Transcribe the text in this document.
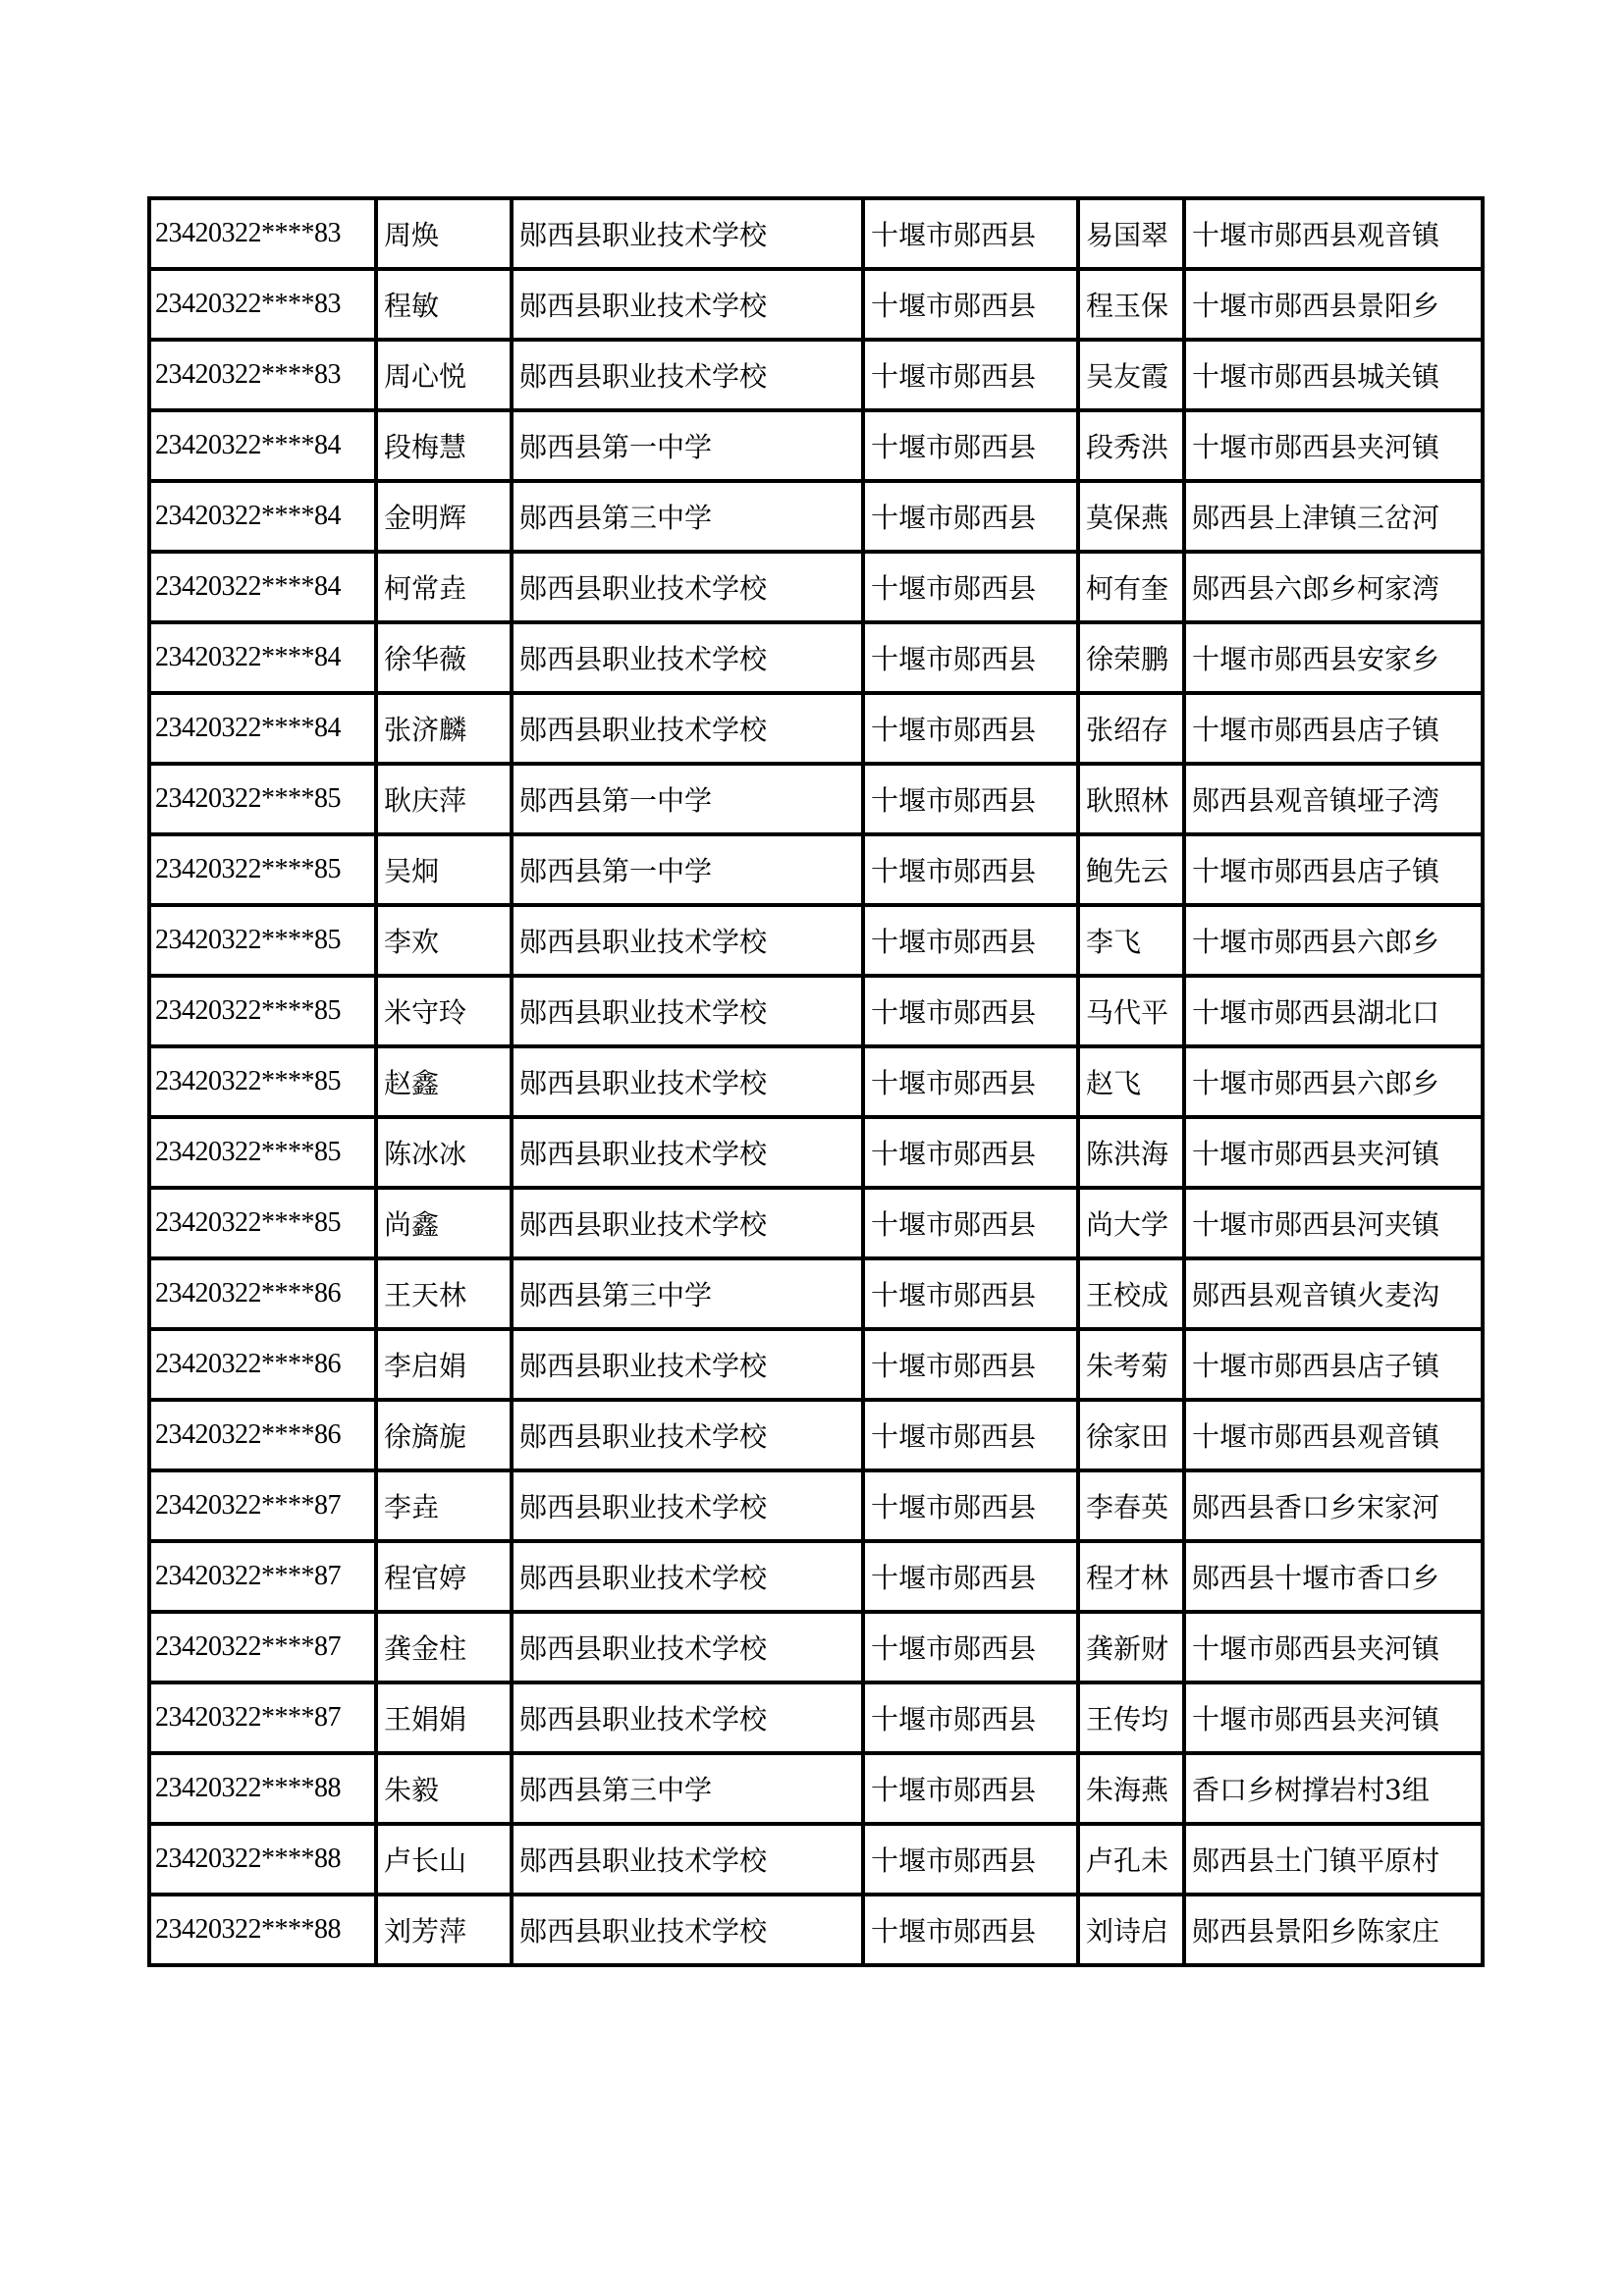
23420322****83	周焕	郧西县职业技术学校	十堰市郧西县	易国翠	十堰市郧西县观音镇
23420322****83	程敏	郧西县职业技术学校	十堰市郧西县	程玉保	十堰市郧西县景阳乡
23420322****83	周心悦	郧西县职业技术学校	十堰市郧西县	吴友霞	十堰市郧西县城关镇
23420322****84	段梅慧	郧西县第一中学	十堰市郧西县	段秀洪	十堰市郧西县夹河镇
23420322****84	金明辉	郧西县第三中学	十堰市郧西县	莫保燕	郧西县上津镇三岔河
23420322****84	柯常垚	郧西县职业技术学校	十堰市郧西县	柯有奎	郧西县六郎乡柯家湾
23420322****84	徐华薇	郧西县职业技术学校	十堰市郧西县	徐荣鹏	十堰市郧西县安家乡
23420322****84	张济麟	郧西县职业技术学校	十堰市郧西县	张绍存	十堰市郧西县店子镇
23420322****85	耿庆萍	郧西县第一中学	十堰市郧西县	耿照林	郧西县观音镇垭子湾
23420322****85	吴炯	郧西县第一中学	十堰市郧西县	鲍先云	十堰市郧西县店子镇
23420322****85	李欢	郧西县职业技术学校	十堰市郧西县	李飞	十堰市郧西县六郎乡
23420322****85	米守玲	郧西县职业技术学校	十堰市郧西县	马代平	十堰市郧西县湖北口
23420322****85	赵鑫	郧西县职业技术学校	十堰市郧西县	赵飞	十堰市郧西县六郎乡
23420322****85	陈冰冰	郧西县职业技术学校	十堰市郧西县	陈洪海	十堰市郧西县夹河镇
23420322****85	尚鑫	郧西县职业技术学校	十堰市郧西县	尚大学	十堰市郧西县河夹镇
23420322****86	王天林	郧西县第三中学	十堰市郧西县	王校成	郧西县观音镇火麦沟
23420322****86	李启娟	郧西县职业技术学校	十堰市郧西县	朱考菊	十堰市郧西县店子镇
23420322****86	徐旖旎	郧西县职业技术学校	十堰市郧西县	徐家田	十堰市郧西县观音镇
23420322****87	李垚	郧西县职业技术学校	十堰市郧西县	李春英	郧西县香口乡宋家河
23420322****87	程官婷	郧西县职业技术学校	十堰市郧西县	程才林	郧西县十堰市香口乡
23420322****87	龚金柱	郧西县职业技术学校	十堰市郧西县	龚新财	十堰市郧西县夹河镇
23420322****87	王娟娟	郧西县职业技术学校	十堰市郧西县	王传均	十堰市郧西县夹河镇
23420322****88	朱毅	郧西县第三中学	十堰市郧西县	朱海燕	香口乡树撑岩村3组
23420322****88	卢长山	郧西县职业技术学校	十堰市郧西县	卢孔未	郧西县土门镇平原村
23420322****88	刘芳萍	郧西县职业技术学校	十堰市郧西县	刘诗启	郧西县景阳乡陈家庄
